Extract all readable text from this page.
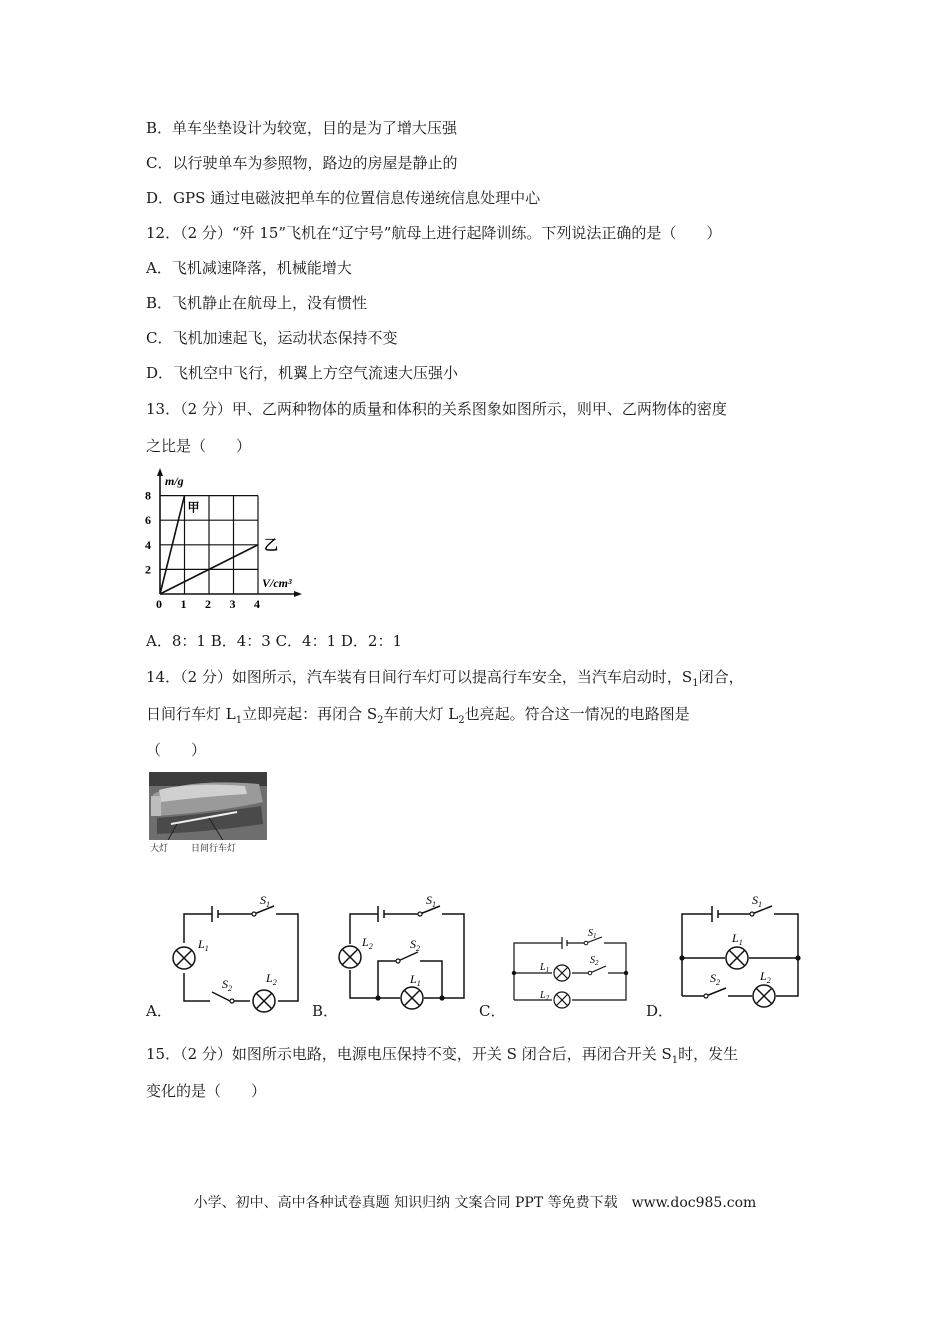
B．单车坐垫设计为较宽，目的是为了增大压强
C．以行驶单车为参照物，路边的房屋是静止的
D．GPS 通过电磁波把单车的位置信息传递统信息处理中心
12．（2 分）“歼 15”飞机在“辽宁号”航母上进行起降训练。下列说法正确的是（　　）
A．飞机减速降落，机械能增大
B．飞机静止在航母上，没有惯性
C．飞机加速起飞，运动状态保持不变
D．飞机空中飞行，机翼上方空气流速大压强小
13．（2 分）甲、乙两种物体的质量和体积的关系图象如图所示，则甲、乙两物体的密度
之比是（　　）
甲
乙
0 1 2 3 4
2
4
6
8
m/g
V/cm³
A．8：1 B．4：3 C．4：1 D．2：1
14．（2 分）如图所示，汽车装有日间行车灯可以提高行车安全，当汽车启动时，$S_1$闭合，
日间行车灯 $L_1$立即亮起：再闭合 $S_2$车前大灯 $L_2$也亮起。符合这一情况的电路图是
（　　）
大灯	日间行车灯
A．	B．	C．	D．
$S_1$
$L_1$
$S_2$
$L_2$
$S_1$
$L_2$	$S_2$
$L_1$
$S_1$
$L_1$
$S_2$
$L_2$
$S_1$
$L_1$
$S_2$	$L_2$
15．（2 分）如图所示电路，电源电压保持不变，开关 S 闭合后，再闭合开关 $S_1$时，发生
变化的是（　　）
小学、初中、高中各种试卷真题 知识归纳 文案合同 PPT 等免费下载　www.doc985.com
